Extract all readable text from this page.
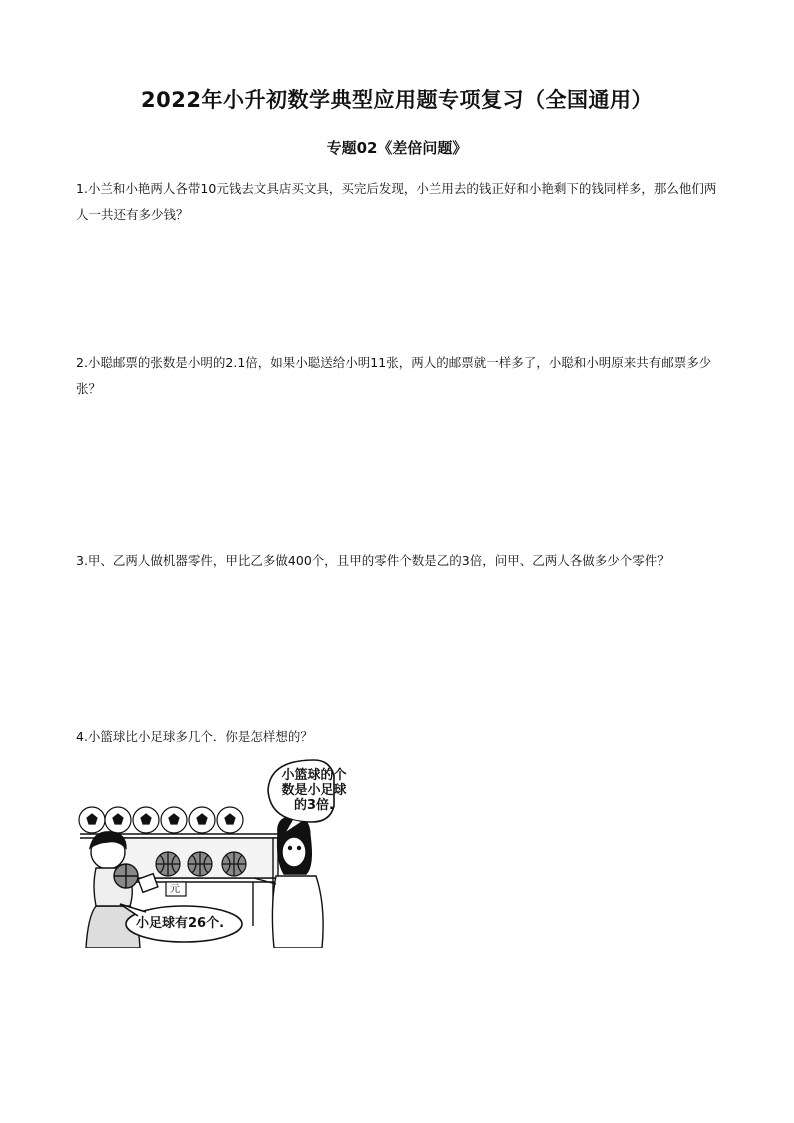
2022年小升初数学典型应用题专项复习（全国通用）
专题02《差倍问题》
1.小兰和小艳两人各带10元钱去文具店买文具，买完后发现，小兰用去的钱正好和小艳剩下的钱同样多，那么他们两人一共还有多少钱？
2.小聪邮票的张数是小明的2.1倍，如果小聪送给小明11张，两人的邮票就一样多了，小聪和小明原来共有邮票多少张？
3.甲、乙两人做机器零件，甲比乙多做400个，且甲的零件个数是乙的3倍，问甲、乙两人各做多少个零件？
4.小篮球比小足球多几个．你是怎样想的？
小篮球的个
数是小足球
的3倍.
小足球有26个.
元
